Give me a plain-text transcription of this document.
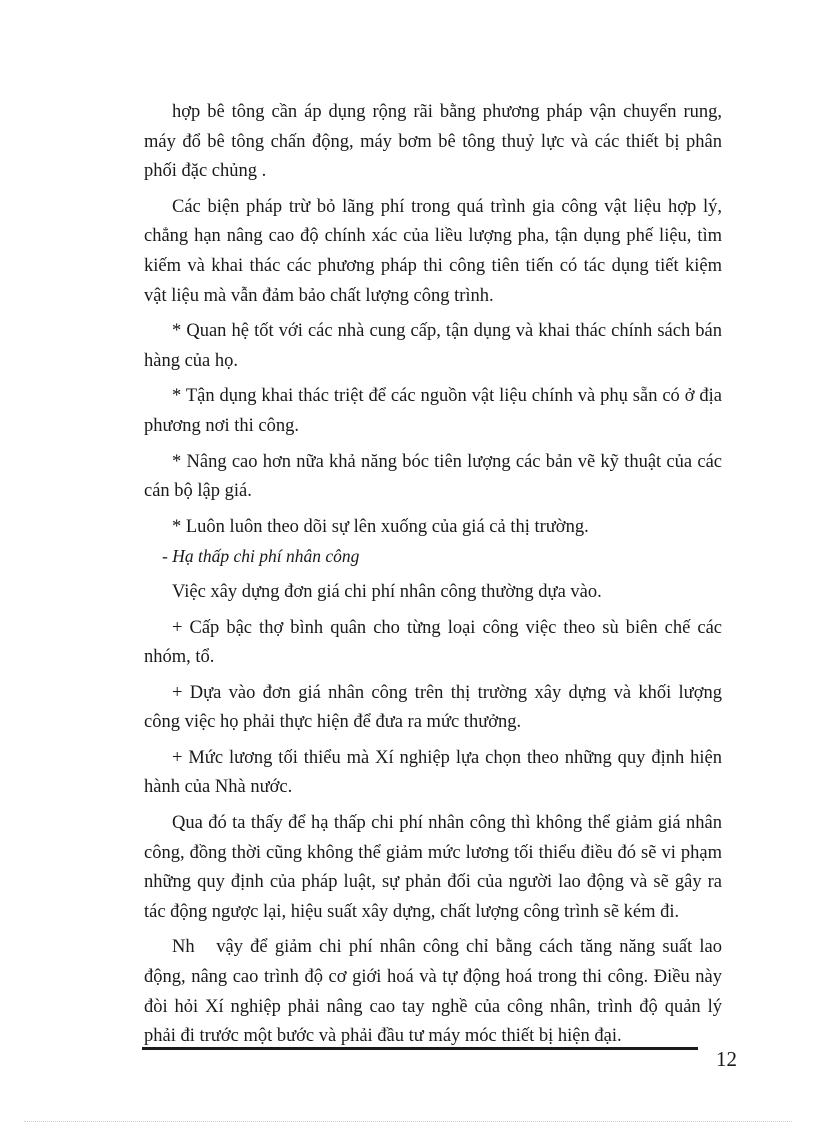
hợp bê tông cần áp dụng rộng rãi bằng phương pháp vận chuyển rung,
máy đổ bê tông chấn động, máy bơm bê tông thuỷ lực và các thiết bị phân
phối đặc chủng .
Các biện pháp trừ bỏ lãng phí trong quá trình gia công vật liệu hợp lý,
chẳng hạn nâng cao độ chính xác của liều lượng pha, tận dụng phế liệu, tìm
kiếm và khai thác các phương pháp thi công tiên tiến có tác dụng tiết kiệm
vật liệu mà vẫn đảm bảo chất lượng công trình.
* Quan hệ tốt với các nhà cung cấp, tận dụng và khai thác chính sách bán
hàng của họ.
* Tận dụng khai thác triệt để các nguồn vật liệu chính và phụ sẵn có ở địa
phương nơi thi công.
* Nâng cao hơn nữa khả năng bóc tiên lượng các bản vẽ kỹ thuật của các
cán bộ lập giá.
* Luôn luôn theo dõi sự lên xuống của giá cả thị trường.
- Hạ thấp chi phí nhân công
Việc xây dựng đơn giá chi phí nhân công thường dựa vào.
+ Cấp bậc thợ bình quân cho từng loại công việc theo sù biên chế các
nhóm, tổ.
+ Dựa vào đơn giá nhân công trên thị trường xây dựng và khối lượng
công việc họ phải thực hiện để đưa ra mức thưởng.
+ Mức lương tối thiểu mà Xí nghiệp lựa chọn theo những quy định hiện
hành của Nhà nước.
Qua đó ta thấy để hạ thấp chi phí nhân công thì không thể giảm giá nhân
công, đồng thời cũng không thể giảm mức lương tối thiểu điều đó sẽ vi phạm
những quy định của pháp luật, sự phản đối của người lao động và sẽ gây ra
tác động ngược lại, hiệu suất xây dựng, chất lượng công trình sẽ kém đi.
Nh   vậy để giảm chi phí nhân công chỉ bằng cách tăng năng suất lao
động, nâng cao trình độ cơ giới hoá và tự động hoá trong thi công. Điều này
đòi hỏi Xí nghiệp phải nâng cao tay nghề của công nhân, trình độ quản lý
phải đi trước một bước và phải đầu tư máy móc thiết bị hiện đại.
12
